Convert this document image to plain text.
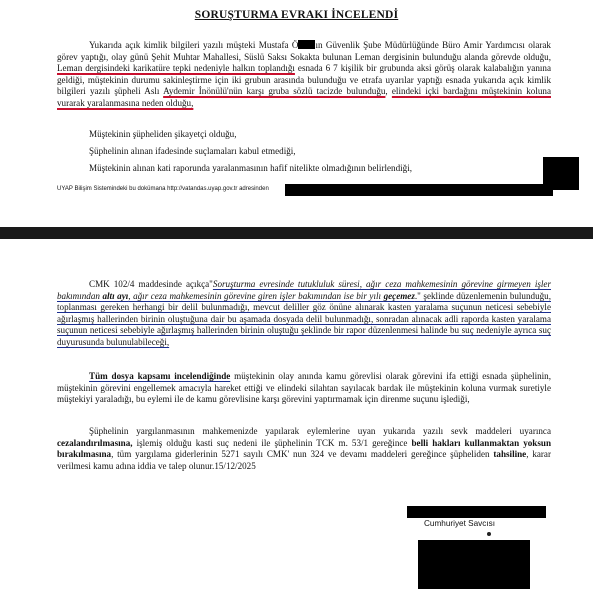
SORUŞTURMA EVRAKI İNCELENDİ
Yukarıda açık kimlik bilgileri yazılı müşteki Mustafa Ö ın Güvenlik Şube Müdürlüğünde Büro Amir Yardımcısı olarak görev yaptığı, olay günü Şehit Muhtar Mahallesi, Süslü Saksı Sokakta bulunan Leman dergisinin bulunduğu alanda görevde olduğu, Leman dergisindeki karikatüre tepki nedeniyle halkın toplandığı esnada 6 7 kişilik bir grubunda aksi görüş olarak kalabalığın yanına geldiği, müştekinin durumu sakinleştirme için iki grubun arasında bulunduğu ve etrafa uyarılar yaptığı esnada yukarıda açık kimlik bilgileri yazılı şüpheli Aslı Aydemir İnönülü'nün karşı gruba sözlü tacizde bulunduğu, elindeki içki bardağını müştekinin koluna vurarak yaralanmasına neden olduğu,
Müştekinin şüpheliden şikayetçi olduğu,
Şüphelinin alınan ifadesinde suçlamaları kabul etmediği,
Müştekinin alınan kati raporunda yaralanmasının hafif nitelikte olmadığının belirlendiği,
UYAP Bilişim Sistemindeki bu dokümana http://vatandas.uyap.gov.tr adresinden
CMK 102/4 maddesinde açıkça"Soruşturma evresinde tutukluluk süresi, ağır ceza mahkemesinin görevine girmeyen işler bakımından altı ayı, ağır ceza mahkemesinin görevine giren işler bakımından ise bir yılı geçemez." şeklinde düzenlemenin bulunduğu, toplanması gereken herhangi bir delil bulunmadığı, mevcut deliller göz önüne alınarak kasten yaralama suçunun neticesi sebebiyle ağırlaşmış hallerinden birinin oluştuğuna dair bu aşamada dosyada delil bulunmadığı, sonradan alınacak adli raporda kasten yaralama suçunun neticesi sebebiyle ağırlaşmış hallerinden birinin oluştuğu şeklinde bir rapor düzenlenmesi halinde bu suç nedeniyle ayrıca suç duyurusunda bulunulabileceği,
Tüm dosya kapsamı incelendiğinde müştekinin olay anında kamu görevlisi olarak görevini ifa ettiği esnada şüphelinin, müştekinin görevini engellemek amacıyla hareket ettiği ve elindeki silahtan sayılacak bardak ile müştekinin koluna vurmak suretiyle müştekiyi yaraladığı, bu eylemi ile de kamu görevlisine karşı görevini yaptırmamak için direnme suçunu işlediği,
Şüphelinin yargılanmasının mahkemenizde yapılarak eylemlerine uyan yukarıda yazılı sevk maddeleri uyarınca cezalandırılmasına, işlemiş olduğu kasti suç nedeni ile şüphelinin TCK m. 53/1 gereğince belli hakları kullanmaktan yoksun bırakılmasına, tüm yargılama giderlerinin 5271 sayılı CMK' nun 324 ve devamı maddeleri gereğince şüpheliden tahsiline, karar verilmesi kamu adına iddia ve talep olunur.15/12/2025
Cumhuriyet Savcısı
